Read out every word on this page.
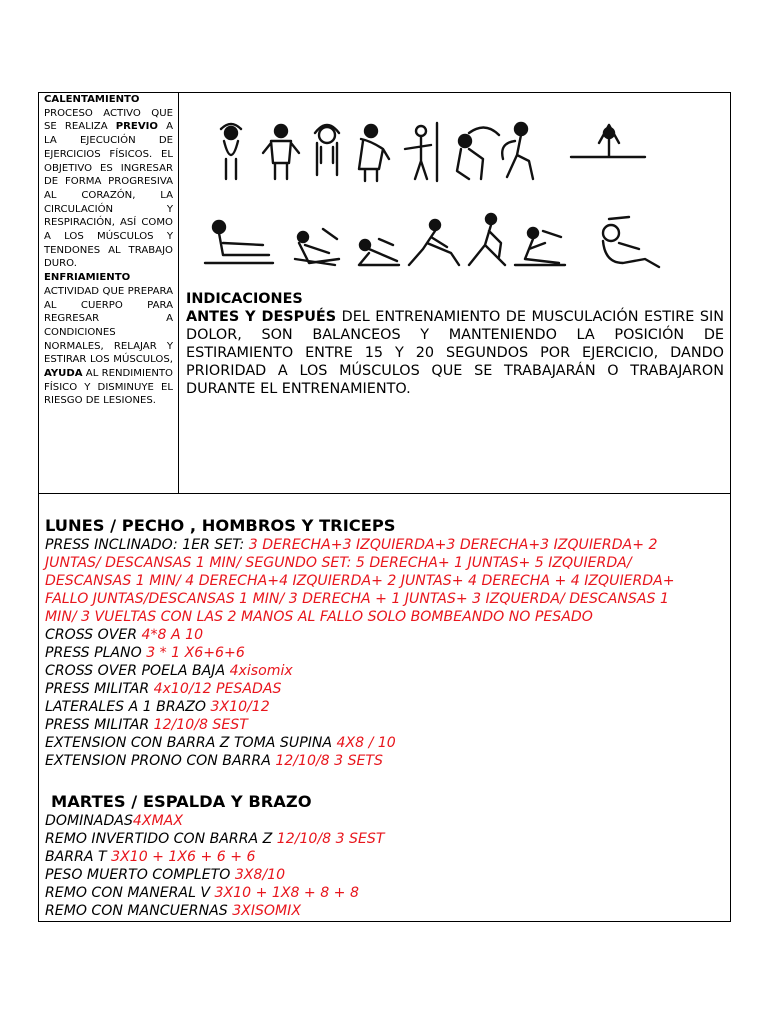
CALENTAMIENTO
PROCESO ACTIVO QUE SE REALIZA PREVIO A LA EJECUCIÓN DE EJERCICIOS FÍSICOS. EL OBJETIVO ES INGRESAR DE FORMA PROGRESIVA AL CORAZÓN, LA CIRCULACIÓN Y RESPIRACIÓN, ASÍ COMO A LOS MÚSCULOS Y TENDONES AL TRABAJO DURO.

ENFRIAMIENTO
ACTIVIDAD QUE PREPARA AL CUERPO PARA REGRESAR A CONDICIONES NORMALES, RELAJAR Y ESTIRAR LOS MÚSCULOS, AYUDA AL RENDIMIENTO FÍSICO Y DISMINUYE EL RIESGO DE LESIONES.

INDICACIONES

ANTES Y DESPUÉS DEL ENTRENAMIENTO DE MUSCULACIÓN ESTIRE SIN DOLOR, SON BALANCEOS Y MANTENIENDO LA POSICIÓN DE ESTIRAMIENTO ENTRE 15 Y 20 SEGUNDOS POR EJERCICIO, DANDO PRIORIDAD A LOS MÚSCULOS QUE SE TRABAJARÁN O TRABAJARON DURANTE EL ENTRENAMIENTO.

LUNES / PECHO , HOMBROS Y TRICEPS

PRESS INCLINADO: 1ER SET: 3 DERECHA+3 IZQUIERDA+3 DERECHA+3 IZQUIERDA+ 2

JUNTAS/ DESCANSAS 1 MIN/ SEGUNDO SET: 5 DERECHA+ 1 JUNTAS+ 5 IZQUIERDA/

DESCANSAS 1 MIN/ 4 DERECHA+4 IZQUIERDA+ 2 JUNTAS+ 4 DERECHA + 4 IZQUIERDA+

FALLO JUNTAS/DESCANSAS 1 MIN/ 3 DERECHA + 1 JUNTAS+ 3 IZQUERDA/ DESCANSAS 1

MIN/ 3 VUELTAS CON LAS 2 MANOS AL FALLO SOLO BOMBEANDO NO PESADO

CROSS OVER 4*8 A 10

PRESS PLANO 3 * 1 X6+6+6

CROSS OVER POELA BAJA 4xisomix

PRESS MILITAR 4x10/12 PESADAS

LATERALES A 1 BRAZO 3X10/12

PRESS MILITAR 12/10/8 SEST

EXTENSION CON BARRA Z TOMA SUPINA 4X8 / 10

EXTENSION PRONO CON BARRA 12/10/8 3 SETS

MARTES / ESPALDA Y BRAZO

DOMINADAS4XMAX

REMO INVERTIDO CON BARRA Z 12/10/8 3 SEST

BARRA T 3X10 + 1X6 + 6 + 6

PESO MUERTO COMPLETO 3X8/10

REMO CON MANERAL V 3X10 + 1X8 + 8 + 8

REMO CON MANCUERNAS 3XISOMIX
